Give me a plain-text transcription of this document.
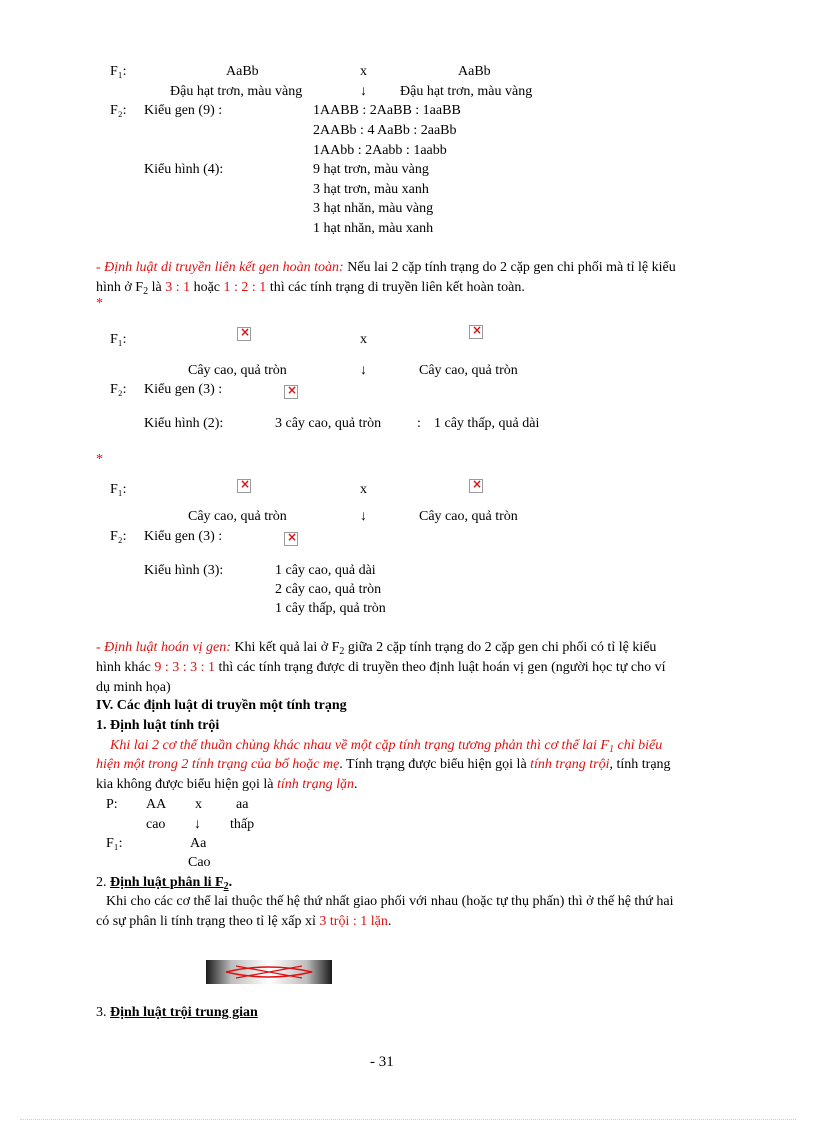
F₁:	AaBb	x	AaBb
Đậu hạt trơn, màu vàng	↓ Đậu hạt trơn, màu vàng
F₂: Kiểu gen (9) :	1AABB : 2AaBB : 1aaBB
2AABb : 4 AaBb : 2aaBb
1AAbb : 2Aabb : 1aabb
Kiểu hình (4):	9 hạt trơn, màu vàng
3 hạt trơn, màu xanh
3 hạt nhăn, màu vàng
1 hạt nhăn, màu xanh
- Định luật di truyền liên kết gen hoàn toàn: Nếu lai 2 cặp tính trạng do 2 cặp gen chi phối mà tỉ lệ kiểu
hình ở $F_2$ là 3 : 1 hoặc 1 : 2 : 1 thì các tính trạng di truyền liên kết hoàn toàn.
*
F₁: ×	x
×
Cây cao, quả tròn	↓	Cây cao, quả tròn
F₂: Kiểu gen (3) :
×
Kiểu hình (2):	3 cây cao, quả tròn	: 1 cây thấp, quả dài
*
F₁: ×	x
×
Cây cao, quả tròn	↓	Cây cao, quả tròn
F₂: Kiểu gen (3) :
×
Kiểu hình (3):	1 cây cao, quả dài
2 cây cao, quả tròn
1 cây thấp, quả tròn
- Định luật hoán vị gen: Khi kết quả lai ở $F_2$ giữa 2 cặp tính trạng do 2 cặp gen chi phối có tỉ lệ kiểu
hình khác 9 : 3 : 3 : 1 thì các tính trạng được di truyền theo định luật hoán vị gen (người học tự cho ví
dụ minh họa)
IV. Các định luật di truyền một tính trạng
1. Định luật tính trội
Khi lai 2 cơ thể thuần chủng khác nhau về một cặp tính trạng tương phản thì cơ thể lai $F_1$ chỉ biểu
hiện một trong 2 tính trạng của bố hoặc mẹ. Tính trạng được biểu hiện gọi là tính trạng trội, tính trạng
kia không được biểu hiện gọi là tính trạng lặn.
P: AA x aa
cao ↓ thấp
F₁:	Aa
Cao
2. Định luật phân li $F_2$.
Khi cho các cơ thể lai thuộc thế hệ thứ nhất giao phối với nhau (hoặc tự thụ phấn) thì ở thế hệ thứ hai
có sự phân li tính trạng theo tỉ lệ xấp xỉ 3 trội : 1 lặn.
3. Định luật trội trung gian
- 31
